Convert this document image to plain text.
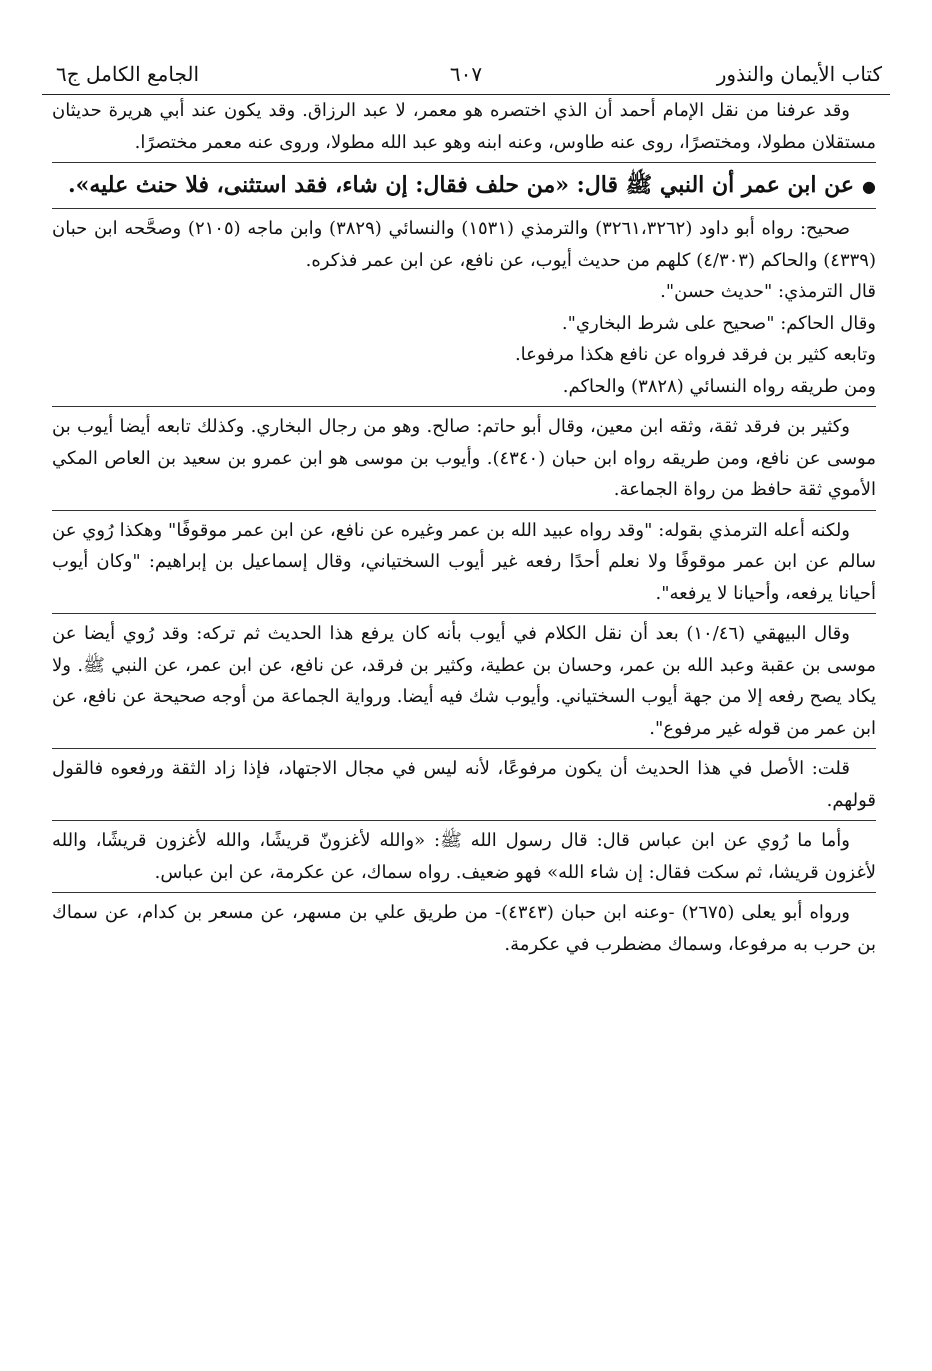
كتاب الأيمان والنذور
٦٠٧
الجامع الكامل ج٦

وقد عرفنا من نقل الإمام أحمد أن الذي اختصره هو معمر، لا عبد الرزاق. وقد يكون عند أبي هريرة حديثان مستقلان مطولا، ومختصرًا، روى عنه طاوس، وعنه ابنه وهو عبد الله مطولا، وروى عنه معمر مختصرًا.

●عن ابن عمر أن النبي ﷺ قال: «من حلف فقال: إن شاء، فقد استثنى، فلا حنث عليه».

صحيح: رواه أبو داود (٣٢٦١،٣٢٦٢) والترمذي (١٥٣١) والنسائي (٣٨٢٩) وابن ماجه (٢١٠٥) وصحَّحه ابن حبان (٤٣٣٩) والحاكم (٤/٣٠٣) كلهم من حديث أيوب، عن نافع، عن ابن عمر فذكره.

قال الترمذي: "حديث حسن".

وقال الحاكم: "صحيح على شرط البخاري".

وتابعه كثير بن فرقد فرواه عن نافع هكذا مرفوعا.

ومن طريقه رواه النسائي (٣٨٢٨) والحاكم.

وكثير بن فرقد ثقة، وثقه ابن معين، وقال أبو حاتم: صالح. وهو من رجال البخاري. وكذلك تابعه أيضا أيوب بن موسى عن نافع، ومن طريقه رواه ابن حبان (٤٣٤٠). وأيوب بن موسى هو ابن عمرو بن سعيد بن العاص المكي الأموي ثقة حافظ من رواة الجماعة.

ولكنه أعله الترمذي بقوله: "وقد رواه عبيد الله بن عمر وغيره عن نافع، عن ابن عمر موقوفًا" وهكذا رُوي عن سالم عن ابن عمر موقوفًا ولا نعلم أحدًا رفعه غير أيوب السختياني، وقال إسماعيل بن إبراهيم: "وكان أيوب أحيانا يرفعه، وأحيانا لا يرفعه".

وقال البيهقي (١٠/٤٦) بعد أن نقل الكلام في أيوب بأنه كان يرفع هذا الحديث ثم تركه: وقد رُوي أيضا عن موسى بن عقبة وعبد الله بن عمر، وحسان بن عطية، وكثير بن فرقد، عن نافع، عن ابن عمر، عن النبي ﷺ. ولا يكاد يصح رفعه إلا من جهة أيوب السختياني. وأيوب شك فيه أيضا. ورواية الجماعة من أوجه صحيحة عن نافع، عن ابن عمر من قوله غير مرفوع".

قلت: الأصل في هذا الحديث أن يكون مرفوعًا، لأنه ليس في مجال الاجتهاد، فإذا زاد الثقة ورفعوه فالقول قولهم.

وأما ما رُوي عن ابن عباس قال: قال رسول الله ﷺ: «والله لأغزونّ قريشًا، والله لأغزون قريشًا، والله لأغزون قريشا، ثم سكت فقال: إن شاء الله» فهو ضعيف. رواه سماك، عن عكرمة، عن ابن عباس.

ورواه أبو يعلى (٢٦٧٥) -وعنه ابن حبان (٤٣٤٣)- من طريق علي بن مسهر، عن مسعر بن كدام، عن سماك بن حرب به مرفوعا، وسماك مضطرب في عكرمة.
